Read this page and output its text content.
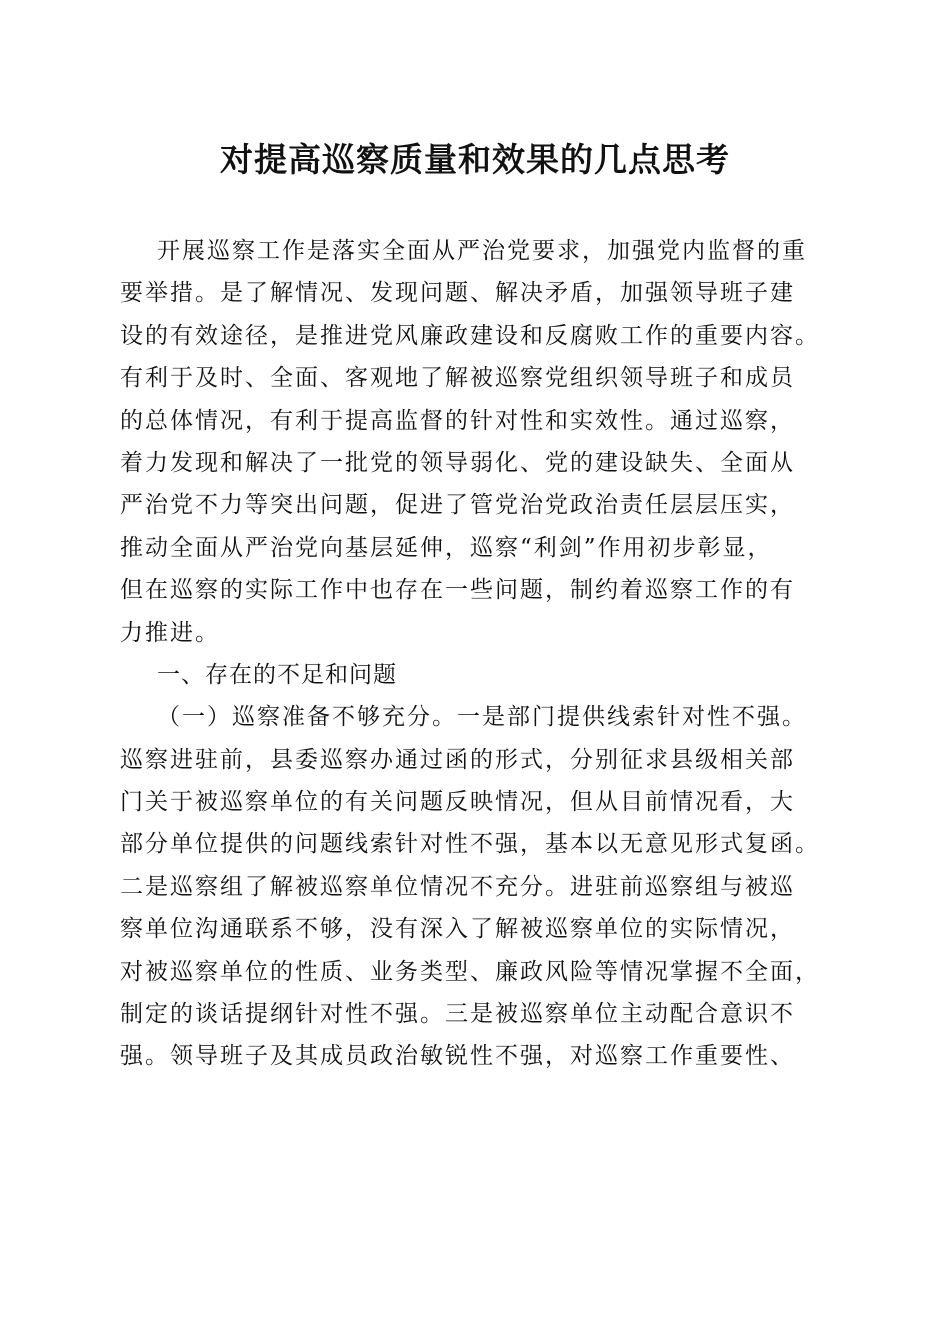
对提高巡察质量和效果的几点思考
开展巡察工作是落实全面从严治党要求，加强党内监督的重
要举措。是了解情况、发现问题、解决矛盾，加强领导班子建
设的有效途径，是推进党风廉政建设和反腐败工作的重要内容。
有利于及时、全面、客观地了解被巡察党组织领导班子和成员
的总体情况，有利于提高监督的针对性和实效性。通过巡察，
着力发现和解决了一批党的领导弱化、党的建设缺失、全面从
严治党不力等突出问题，促进了管党治党政治责任层层压实，
推动全面从严治党向基层延伸，巡察“利剑”作用初步彰显，
但在巡察的实际工作中也存在一些问题，制约着巡察工作的有
力推进。
一、存在的不足和问题
（一）巡察准备不够充分。一是部门提供线索针对性不强。
巡察进驻前，县委巡察办通过函的形式，分别征求县级相关部
门关于被巡察单位的有关问题反映情况，但从目前情况看，大
部分单位提供的问题线索针对性不强，基本以无意见形式复函。
二是巡察组了解被巡察单位情况不充分。进驻前巡察组与被巡
察单位沟通联系不够，没有深入了解被巡察单位的实际情况，
对被巡察单位的性质、业务类型、廉政风险等情况掌握不全面，
制定的谈话提纲针对性不强。三是被巡察单位主动配合意识不
强。领导班子及其成员政治敏锐性不强，对巡察工作重要性、
